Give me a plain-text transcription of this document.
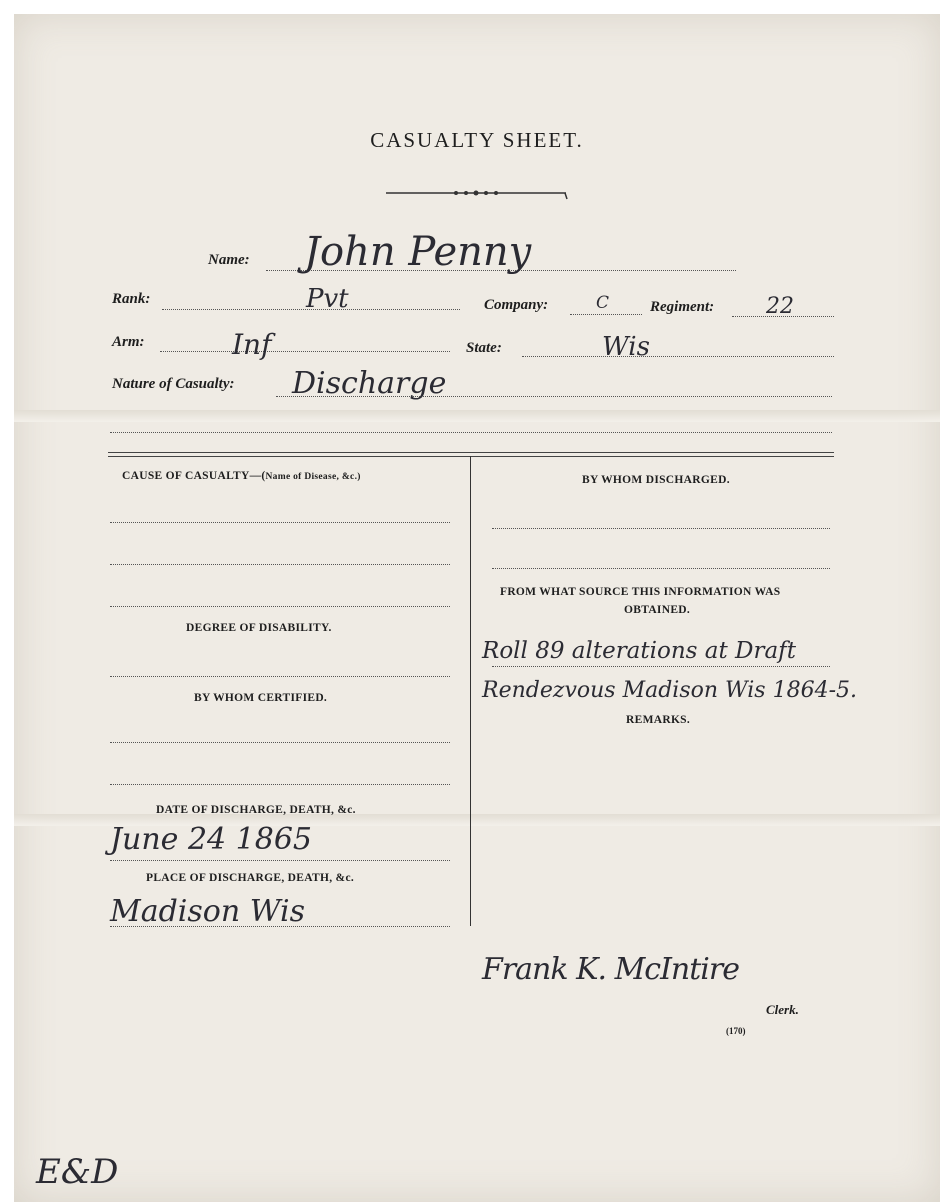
CASUALTY SHEET.
Name: John Penny
Rank:	Pvt	Company:	C	Regiment: 22
Arm:	Inf	State:	Wis
Nature of Casualty: Discharge
CAUSE OF CASUALTY—(Name of Disease, &c.)
DEGREE OF DISABILITY.
BY WHOM CERTIFIED.
DATE OF DISCHARGE, DEATH, &c.
June 24 1865
PLACE OF DISCHARGE, DEATH, &c.
Madison Wis
BY WHOM DISCHARGED.
FROM WHAT SOURCE THIS INFORMATION WAS
OBTAINED.
Roll 89 alterations at Draft
Rendezvous Madison Wis 1864-5.
REMARKS.
Frank K. McIntire
Clerk.
(170)
E&D
